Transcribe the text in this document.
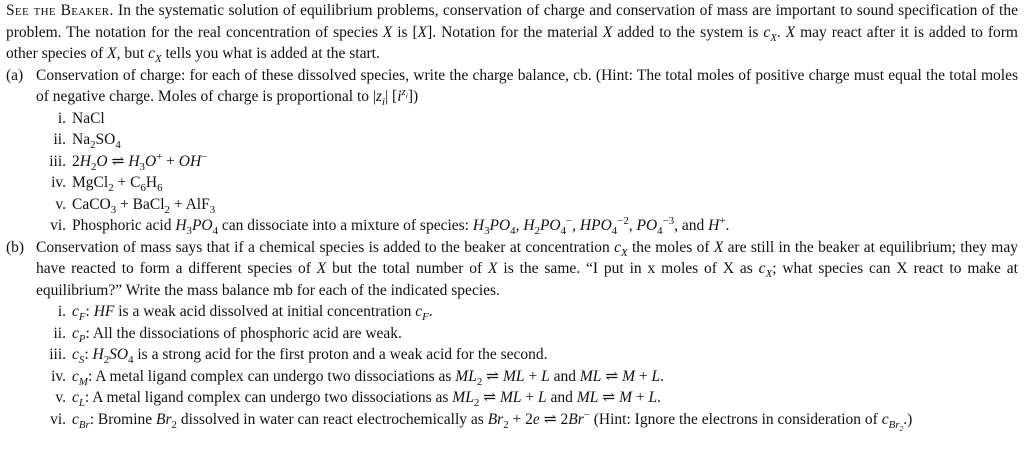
See the Beaker. In the systematic solution of equilibrium problems, conservation of charge and conservation of mass are important to sound specification of the problem. The notation for the real concentration of species X is [X]. Notation for the material X added to the system is $c_X$. X may react after it is added to form other species of X, but $c_X$ tells you what is added at the start.

(a) Conservation of charge: for each of these dissolved species, write the charge balance, cb. (Hint: The total moles of positive charge must equal the total moles of negative charge. Moles of charge is proportional to $|z_i|$ $[i^{z_i}]$)

i. NaCl
ii. $Na_2SO_4$
iii. $2H_2O$ ⇌ $H_3O^+ + OH^-$
iv. MgCl$_2$ + $C_6H_6$
v. CaCO$_3$ + BaCl$_2$ + AlF$_3$
vi. Phosphoric acid $H_3PO_4$ can dissociate into a mixture of species: $H_3PO_4$, $H_2PO_4^-$, $HPO_4^{-2}$, $PO_4^{-3}$, and H+.
(b) Conservation of mass says that if a chemical species is added to the beaker at concentration $c_X$ the moles of X are still in the beaker at equilibrium; they may have reacted to form a different species of X but the total number of X is the same. “I put in x moles of X as $c_X$; what species can X react to make at equilibrium?” Write the mass balance mb for each of the indicated species.

i. $c_F$: HF is a weak acid dissolved at initial concentration $c_F$.
ii. $c_P$: All the dissociations of phosphoric acid are weak.
iii. $c_S$: $H_2SO_4$ is a strong acid for the first proton and a weak acid for the second.
iv. $c_M$: A metal ligand complex can undergo two dissociations as $ML_2$ ⇌ ML + L and ML ⇌ M + L.
v. $c_L$: A metal ligand complex can undergo two dissociations as $ML_2$ ⇌ ML + L and ML ⇌ M + L.
vi. $c_{Br}$: Bromine $Br_2$ dissolved in water can react electrochemically as $Br_2 + 2e$ ⇌ 2Br− (Hint: Ignore the electrons in consideration of $c_{Br_2}$.)
